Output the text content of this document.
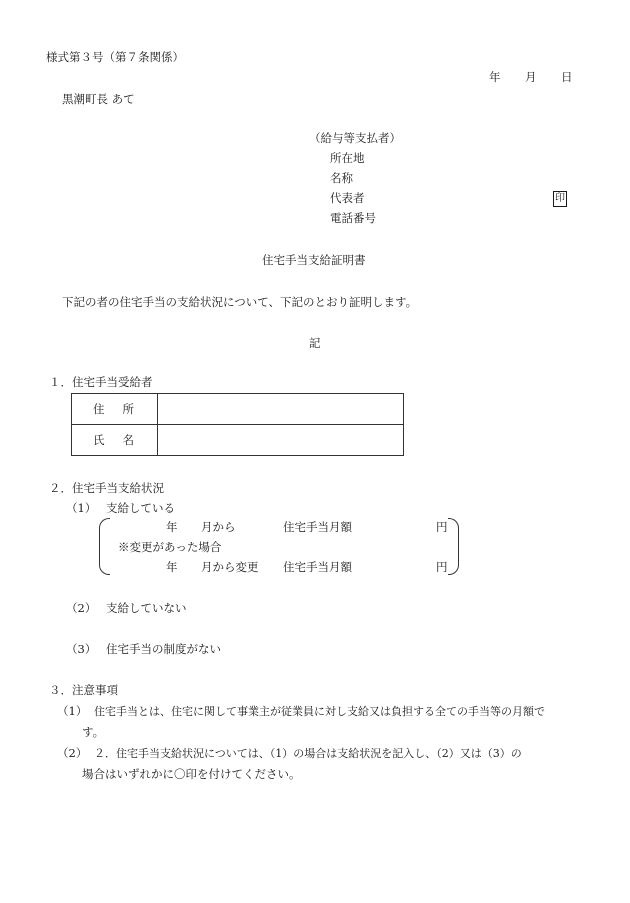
様式第３号（第７条関係）
年 月 日
黒潮町長 あて
（給与等支払者）
所在地
名称
代表者	印
電話番号
住宅手当支給証明書
下記の者の住宅手当の支給状況について、下記のとおり証明します。
記
１．住宅手当受給者
住所	
氏名	
２．住宅手当支給状況
（1） 支給している
年 月から	住宅手当月額	円
※変更があった場合
年 月から変更 住宅手当月額	円
（2） 支給していない
（3） 住宅手当の制度がない
３．注意事項
（1） 住宅手当とは、住宅に関して事業主が従業員に対し支給又は負担する全ての手当等の月額で
す。
（2） ２．住宅手当支給状況については、（1）の場合は支給状況を記入し、（2）又は（3）の
場合はいずれかに〇印を付けてください。
